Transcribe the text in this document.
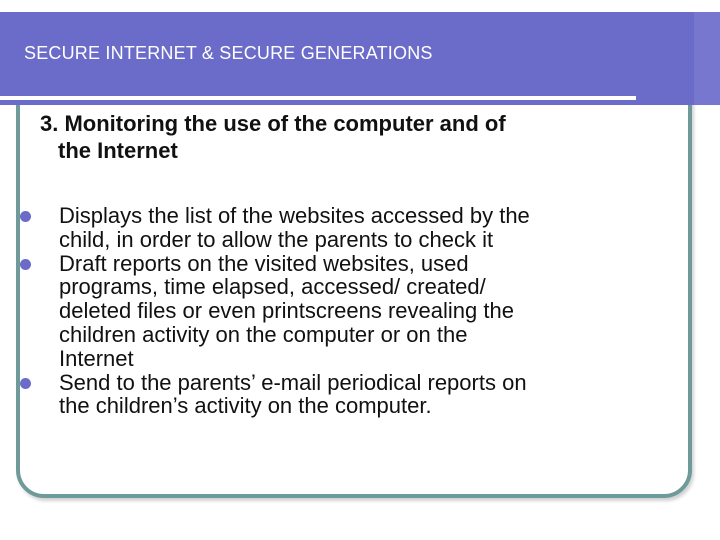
SECURE INTERNET & SECURE GENERATIONS
3. Monitoring the use of the computer and of
the Internet
Displays the list of the websites accessed by the
child, in order to allow the parents to check it
Draft reports on the visited websites, used
programs, time elapsed, accessed/ created/
deleted files or even printscreens revealing the
children activity on the computer or on the
Internet
Send to the parents’ e-mail periodical reports on
the children’s activity on the computer.
